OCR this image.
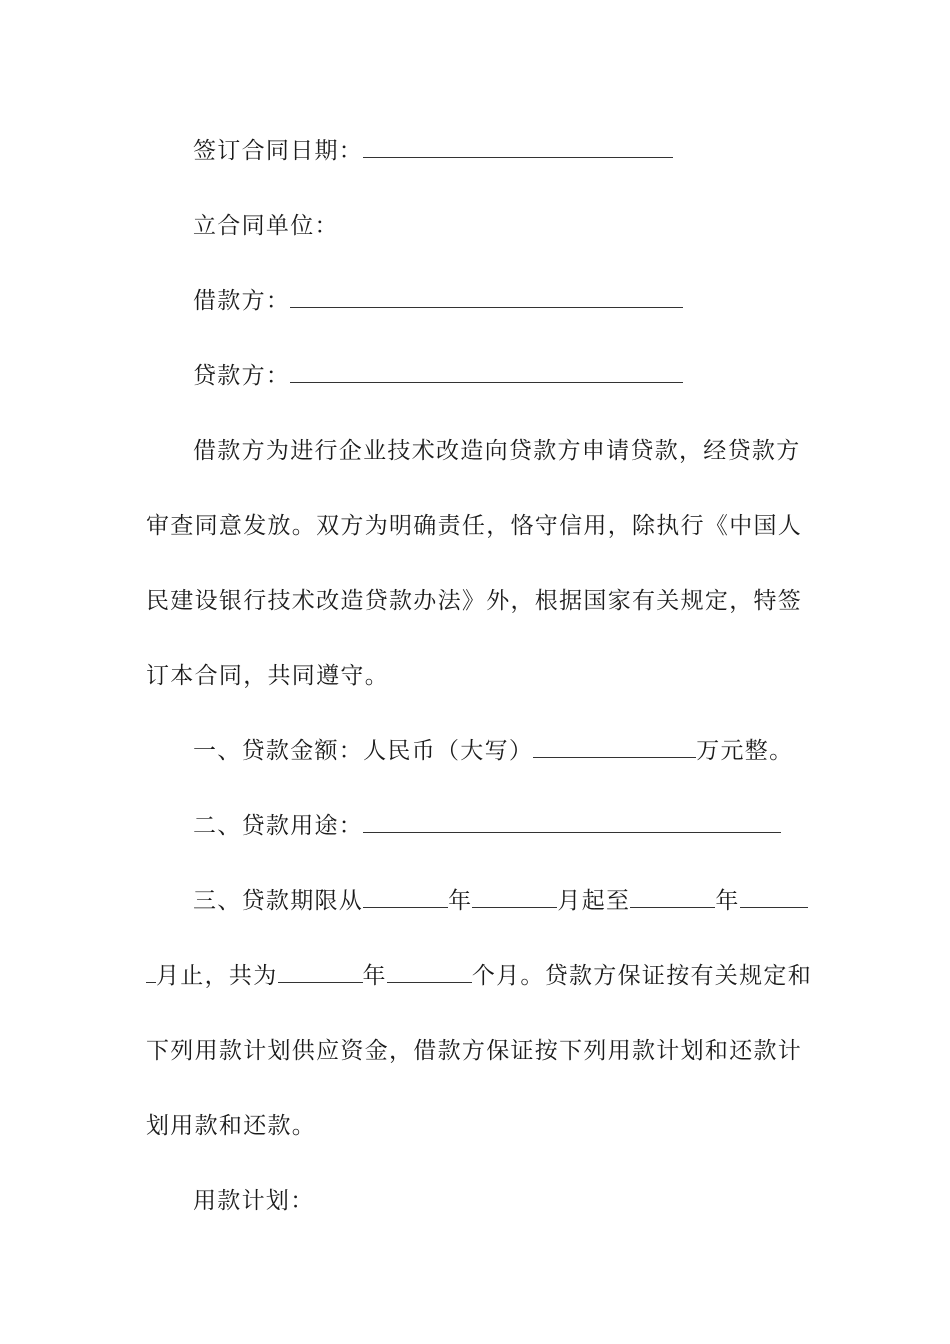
签订合同日期：
立合同单位：
借款方：
贷款方：
借款方为进行企业技术改造向贷款方申请贷款，经贷款方
审查同意发放。双方为明确责任，恪守信用，除执行《中国人
民建设银行技术改造贷款办法》外，根据国家有关规定，特签
订本合同，共同遵守。
一、贷款金额：人民币（大写）	万元整。
二、贷款用途：
三、贷款期限从	年	月起至	年
月止，共为	年	个月。贷款方保证按有关规定和
下列用款计划供应资金，借款方保证按下列用款计划和还款计
划用款和还款。
用款计划：
